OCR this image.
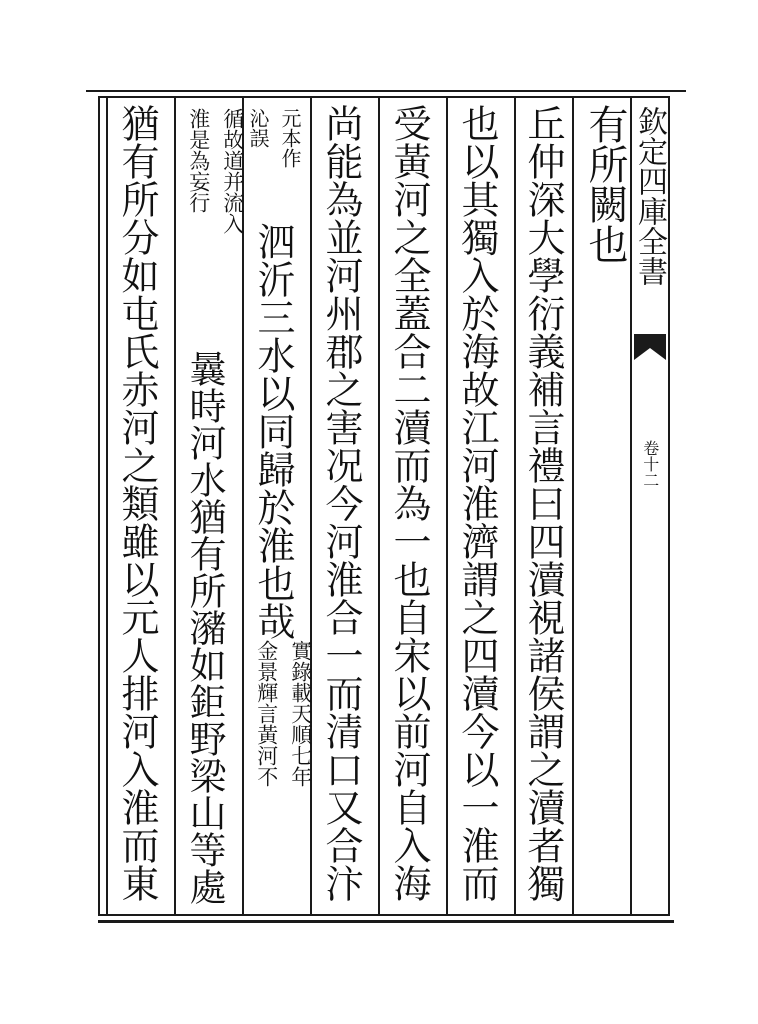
欽定四庫全書
卷十二
有所闕也
丘仲深大學衍義補言禮曰四瀆視諸侯謂之瀆者獨
也以其獨入於海故江河淮濟謂之四瀆今以一淮而
受黃河之全蓋合二瀆而為一也自宋以前河自入海
尚能為並河州郡之害况今河淮合一而清口又合汴
元本作
泗沂三水以同歸於淮也哉
實錄載天順七年
沁誤
金景輝言黃河不
循故道并流入
曩時河水猶有所瀦如鉅野梁山等處
淮是為妄行
猶有所分如屯氏赤河之類雖以元人排河入淮而東
